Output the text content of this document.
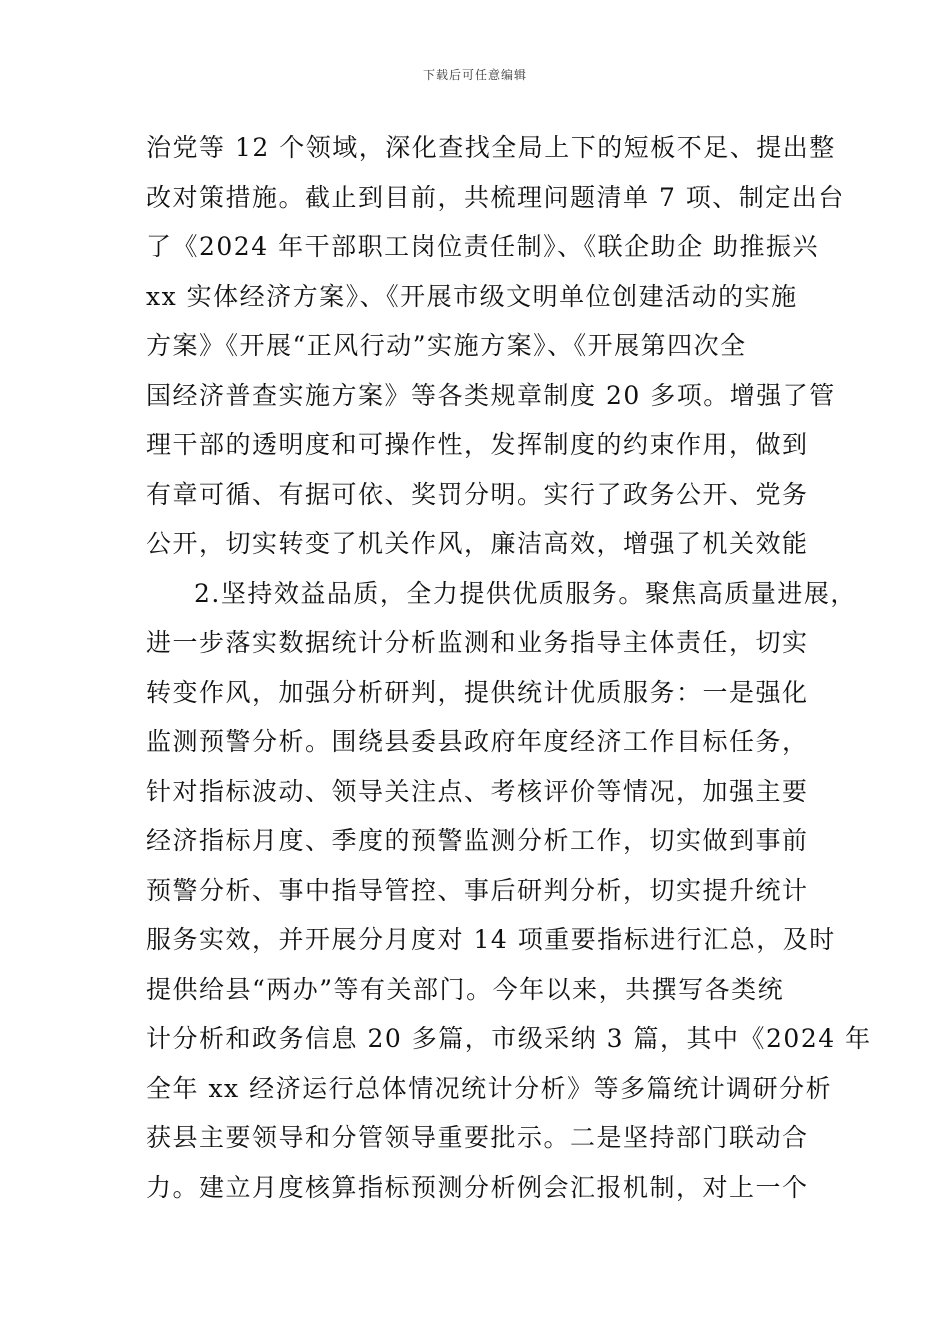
下载后可任意编辑
治党等 12 个领域，深化查找全局上下的短板不足、提出整
改对策措施。截止到目前，共梳理问题清单 7 项、制定出台
了《2024 年干部职工岗位责任制》、《联企助企 助推振兴
xx 实体经济方案》、《开展市级文明单位创建活动的实施
方案》《开展“正风行动”实施方案》、《开展第四次全
国经济普查实施方案》等各类规章制度 20 多项。增强了管
理干部的透明度和可操作性，发挥制度的约束作用，做到
有章可循、有据可依、奖罚分明。实行了政务公开、党务
公开，切实转变了机关作风，廉洁高效，增强了机关效能
2.坚持效益品质，全力提供优质服务。聚焦高质量进展，
进一步落实数据统计分析监测和业务指导主体责任，切实
转变作风，加强分析研判，提供统计优质服务：一是强化
监测预警分析。围绕县委县政府年度经济工作目标任务，
针对指标波动、领导关注点、考核评价等情况，加强主要
经济指标月度、季度的预警监测分析工作，切实做到事前
预警分析、事中指导管控、事后研判分析，切实提升统计
服务实效，并开展分月度对 14 项重要指标进行汇总，及时
提供给县“两办”等有关部门。今年以来，共撰写各类统
计分析和政务信息 20 多篇，市级采纳 3 篇，其中《2024 年
全年 xx 经济运行总体情况统计分析》等多篇统计调研分析
获县主要领导和分管领导重要批示。二是坚持部门联动合
力。建立月度核算指标预测分析例会汇报机制，对上一个
